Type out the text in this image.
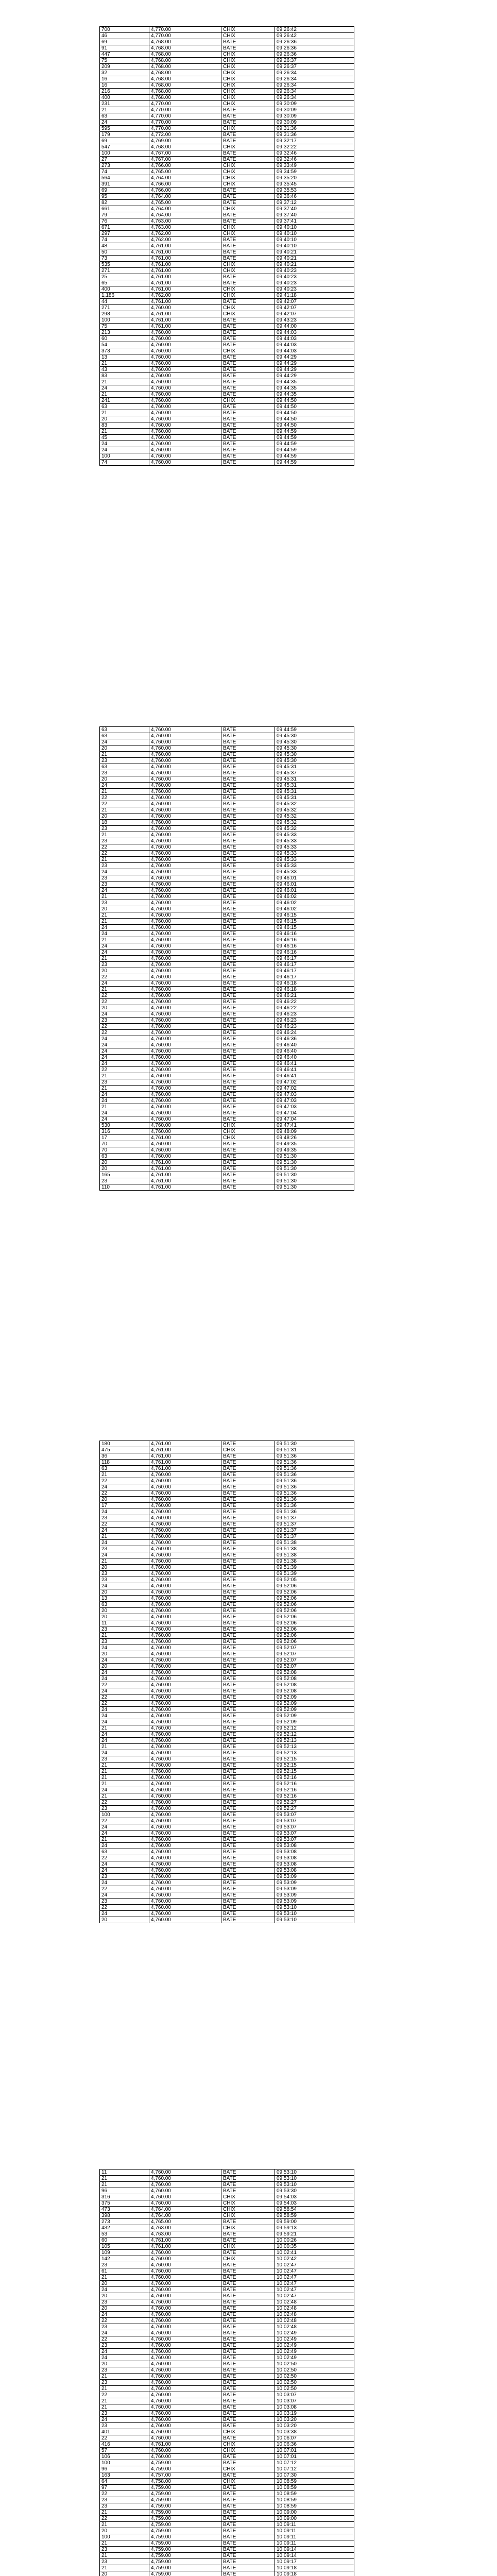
700	4,770.00	CHIX	09:26:42
46	4,770.00	CHIX	09:26:42
69	4,768.00	BATE	09:26:36
91	4,768.00	BATE	09:26:36
447	4,768.00	CHIX	09:26:36
75	4,768.00	CHIX	09:26:37
209	4,768.00	CHIX	09:26:37
32	4,768.00	CHIX	09:26:34
16	4,768.00	CHIX	09:26:34
16	4,768.00	CHIX	09:26:34
216	4,768.00	CHIX	09:26:34
400	4,768.00	CHIX	09:26:34
231	4,770.00	CHIX	09:30:09
21	4,770.00	BATE	09:30:09
63	4,770.00	BATE	09:30:09
24	4,770.00	BATE	09:30:09
595	4,770.00	CHIX	09:31:36
179	4,772.00	BATE	09:31:36
69	4,769.00	BATE	09:32:17
547	4,768.00	CHIX	09:32:22
100	4,767.00	BATE	09:32:46
27	4,767.00	BATE	09:32:46
273	4,766.00	CHIX	09:33:49
74	4,765.00	CHIX	09:34:59
564	4,764.00	CHIX	09:35:20
391	4,766.00	CHIX	09:35:45
69	4,766.00	BATE	09:35:53
95	4,764.00	BATE	09:36:46
82	4,765.00	BATE	09:37:12
661	4,764.00	CHIX	09:37:40
79	4,764.00	BATE	09:37:40
76	4,763.00	BATE	09:37:41
671	4,763.00	CHIX	09:40:10
297	4,762.00	CHIX	09:40:10
74	4,762.00	BATE	09:40:10
48	4,761.00	BATE	09:40:10
50	4,761.00	BATE	09:40:21
73	4,761.00	BATE	09:40:21
535	4,761.00	CHIX	09:40:21
271	4,761.00	CHIX	09:40:23
25	4,761.00	BATE	09:40:23
65	4,761.00	BATE	09:40:23
400	4,761.00	CHIX	09:40:23
1,186	4,762.00	CHIX	09:41:18
44	4,761.00	BATE	09:42:07
271	4,760.00	CHIX	09:42:07
298	4,761.00	CHIX	09:42:07
100	4,761.00	BATE	09:43:23
75	4,761.00	BATE	09:44:00
213	4,760.00	BATE	09:44:03
60	4,760.00	BATE	09:44:03
54	4,760.00	BATE	09:44:03
373	4,760.00	CHIX	09:44:03
13	4,760.00	BATE	09:44:29
21	4,760.00	BATE	09:44:29
43	4,760.00	BATE	09:44:29
83	4,760.00	BATE	09:44:29
21	4,760.00	BATE	09:44:35
24	4,760.00	BATE	09:44:35
21	4,760.00	BATE	09:44:35
241	4,760.00	CHIX	09:44:50
63	4,760.00	BATE	09:44:50
21	4,760.00	BATE	09:44:50
20	4,760.00	BATE	09:44:50
83	4,760.00	BATE	09:44:50
21	4,760.00	BATE	09:44:59
45	4,760.00	BATE	09:44:59
24	4,760.00	BATE	09:44:59
24	4,760.00	BATE	09:44:59
100	4,760.00	BATE	09:44:59
74	4,760.00	BATE	09:44:59
63	4,760.00	BATE	09:44:59
63	4,760.00	BATE	09:45:30
24	4,760.00	BATE	09:45:30
20	4,760.00	BATE	09:45:30
21	4,760.00	BATE	09:45:30
23	4,760.00	BATE	09:45:30
63	4,760.00	BATE	09:45:31
23	4,760.00	BATE	09:45:37
20	4,760.00	BATE	09:45:31
24	4,760.00	BATE	09:45:31
21	4,760.00	BATE	09:45:31
22	4,760.00	BATE	09:45:31
22	4,760.00	BATE	09:45:32
21	4,760.00	BATE	09:45:32
20	4,760.00	BATE	09:45:32
18	4,760.00	BATE	09:45:32
23	4,760.00	BATE	09:45:32
21	4,760.00	BATE	09:45:33
23	4,760.00	BATE	09:45:33
22	4,760.00	BATE	09:45:33
22	4,760.00	BATE	09:45:33
21	4,760.00	BATE	09:45:33
23	4,760.00	BATE	09:45:33
24	4,760.00	BATE	09:45:33
23	4,760.00	BATE	09:46:01
23	4,760.00	BATE	09:46:01
24	4,760.00	BATE	09:46:01
21	4,760.00	BATE	09:46:02
23	4,760.00	BATE	09:46:02
20	4,760.00	BATE	09:46:02
21	4,760.00	BATE	09:46:15
21	4,760.00	BATE	09:46:15
24	4,760.00	BATE	09:46:15
24	4,760.00	BATE	09:46:16
21	4,760.00	BATE	09:46:16
24	4,760.00	BATE	09:46:16
24	4,760.00	BATE	09:46:16
21	4,760.00	BATE	09:46:17
23	4,760.00	BATE	09:46:17
20	4,760.00	BATE	09:46:17
22	4,760.00	BATE	09:46:17
24	4,760.00	BATE	09:46:18
21	4,760.00	BATE	09:46:18
22	4,760.00	BATE	09:46:21
22	4,760.00	BATE	09:46:22
20	4,760.00	BATE	09:46:22
24	4,760.00	BATE	09:46:23
23	4,760.00	BATE	09:46:23
22	4,760.00	BATE	09:46:23
22	4,760.00	BATE	09:46:24
24	4,760.00	BATE	09:46:36
24	4,760.00	BATE	09:46:40
24	4,760.00	BATE	09:46:40
24	4,760.00	BATE	09:46:40
24	4,760.00	BATE	09:46:41
22	4,760.00	BATE	09:46:41
21	4,760.00	BATE	09:46:41
23	4,760.00	BATE	09:47:02
21	4,760.00	BATE	09:47:02
24	4,760.00	BATE	09:47:03
24	4,760.00	BATE	09:47:03
21	4,760.00	BATE	09:47:03
24	4,760.00	BATE	09:47:04
24	4,760.00	BATE	09:47:04
530	4,760.00	CHIX	09:47:41
316	4,760.00	CHIX	09:48:09
17	4,761.00	CHIX	09:48:26
70	4,760.00	BATE	09:49:35
70	4,760.00	BATE	09:49:35
63	4,760.00	BATE	09:51:30
20	4,761.00	BATE	09:51:30
20	4,761.00	BATE	09:51:30
165	4,761.00	BATE	09:51:30
23	4,761.00	BATE	09:51:30
110	4,761.00	BATE	09:51:30
180	4,761.00	BATE	09:51:30
475	4,761.00	CHIX	09:51:31
36	4,761.00	BATE	09:51:36
118	4,761.00	BATE	09:51:36
63	4,761.00	BATE	09:51:36
21	4,760.00	BATE	09:51:36
22	4,760.00	BATE	09:51:36
24	4,760.00	BATE	09:51:36
22	4,760.00	BATE	09:51:36
20	4,760.00	BATE	09:51:36
17	4,760.00	BATE	09:51:36
24	4,760.00	BATE	09:51:36
23	4,760.00	BATE	09:51:37
22	4,760.00	BATE	09:51:37
24	4,760.00	BATE	09:51:37
21	4,760.00	BATE	09:51:37
24	4,760.00	BATE	09:51:38
23	4,760.00	BATE	09:51:38
24	4,760.00	BATE	09:51:38
21	4,760.00	BATE	09:51:38
20	4,760.00	BATE	09:51:39
23	4,760.00	BATE	09:51:39
23	4,760.00	BATE	09:52:05
24	4,760.00	BATE	09:52:06
20	4,760.00	BATE	09:52:06
13	4,760.00	BATE	09:52:06
63	4,760.00	BATE	09:52:06
20	4,760.00	BATE	09:52:06
20	4,760.00	BATE	09:52:06
11	4,760.00	BATE	09:52:06
23	4,760.00	BATE	09:52:06
21	4,760.00	BATE	09:52:06
23	4,760.00	BATE	09:52:06
24	4,760.00	BATE	09:52:07
20	4,760.00	BATE	09:52:07
24	4,760.00	BATE	09:52:07
20	4,760.00	BATE	09:52:07
24	4,760.00	BATE	09:52:08
24	4,760.00	BATE	09:52:08
22	4,760.00	BATE	09:52:08
24	4,760.00	BATE	09:52:08
22	4,760.00	BATE	09:52:09
22	4,760.00	BATE	09:52:09
24	4,760.00	BATE	09:52:09
24	4,760.00	BATE	09:52:09
24	4,760.00	BATE	09:52:09
21	4,760.00	BATE	09:52:12
24	4,760.00	BATE	09:52:12
24	4,760.00	BATE	09:52:13
21	4,760.00	BATE	09:52:13
24	4,760.00	BATE	09:52:13
23	4,760.00	BATE	09:52:15
21	4,760.00	BATE	09:52:15
21	4,760.00	BATE	09:52:15
21	4,760.00	BATE	09:52:16
21	4,760.00	BATE	09:52:16
24	4,760.00	BATE	09:52:16
21	4,760.00	BATE	09:52:16
22	4,760.00	BATE	09:52:27
23	4,760.00	BATE	09:52:27
100	4,760.00	BATE	09:53:07
22	4,760.00	BATE	09:53:07
24	4,760.00	BATE	09:53:07
24	4,760.00	BATE	09:53:07
21	4,760.00	BATE	09:53:07
24	4,760.00	BATE	09:53:08
63	4,760.00	BATE	09:53:08
22	4,760.00	BATE	09:53:08
24	4,760.00	BATE	09:53:08
24	4,760.00	BATE	09:53:08
23	4,760.00	BATE	09:53:09
24	4,760.00	BATE	09:53:09
22	4,760.00	BATE	09:53:09
24	4,760.00	BATE	09:53:09
23	4,760.00	BATE	09:53:09
22	4,760.00	BATE	09:53:10
24	4,760.00	BATE	09:53:10
20	4,760.00	BATE	09:53:10
11	4,760.00	BATE	09:53:10
21	4,760.00	BATE	09:53:10
21	4,760.00	BATE	09:53:10
96	4,760.00	BATE	09:53:30
316	4,760.00	CHIX	09:54:03
375	4,760.00	CHIX	09:54:03
473	4,764.00	CHIX	09:58:54
398	4,764.00	CHIX	09:58:59
273	4,765.00	BATE	09:59:00
432	4,763.00	CHIX	09:59:13
53	4,763.00	BATE	09:59:21
60	4,761.00	BATE	10:00:26
105	4,761.00	CHIX	10:00:35
109	4,760.00	BATE	10:02:41
142	4,760.00	CHIX	10:02:42
23	4,760.00	BATE	10:02:47
61	4,760.00	BATE	10:02:47
21	4,760.00	BATE	10:02:47
20	4,760.00	BATE	10:02:47
24	4,760.00	BATE	10:02:47
20	4,760.00	BATE	10:02:47
23	4,760.00	BATE	10:02:48
20	4,760.00	BATE	10:02:48
24	4,760.00	BATE	10:02:48
22	4,760.00	BATE	10:02:48
23	4,760.00	BATE	10:02:48
24	4,760.00	BATE	10:02:49
22	4,760.00	BATE	10:02:49
23	4,760.00	BATE	10:02:49
24	4,760.00	BATE	10:02:49
24	4,760.00	BATE	10:02:49
20	4,760.00	BATE	10:02:50
23	4,760.00	BATE	10:02:50
21	4,760.00	BATE	10:02:50
23	4,760.00	BATE	10:02:50
21	4,760.00	BATE	10:02:50
22	4,760.00	BATE	10:03:07
21	4,760.00	BATE	10:03:07
21	4,760.00	BATE	10:03:08
23	4,760.00	BATE	10:03:19
24	4,760.00	BATE	10:03:20
23	4,760.00	BATE	10:03:20
401	4,760.00	CHIX	10:03:38
22	4,760.00	BATE	10:06:07
416	4,761.00	CHIX	10:06:36
57	4,760.00	CHIX	10:07:01
106	4,760.00	BATE	10:07:01
100	4,759.00	BATE	10:07:12
96	4,759.00	CHIX	10:07:12
163	4,757.00	BATE	10:07:30
64	4,758.00	CHIX	10:08:59
97	4,759.00	BATE	10:08:59
22	4,759.00	BATE	10:08:59
23	4,759.00	BATE	10:08:59
23	4,759.00	BATE	10:08:59
21	4,759.00	BATE	10:09:00
22	4,759.00	BATE	10:09:00
21	4,759.00	BATE	10:09:11
20	4,759.00	BATE	10:09:11
100	4,759.00	BATE	10:09:11
21	4,759.00	BATE	10:09:11
23	4,759.00	BATE	10:09:14
21	4,759.00	BATE	10:09:14
23	4,759.00	BATE	10:09:17
21	4,759.00	BATE	10:09:18
20	4,759.00	BATE	10:09:18
